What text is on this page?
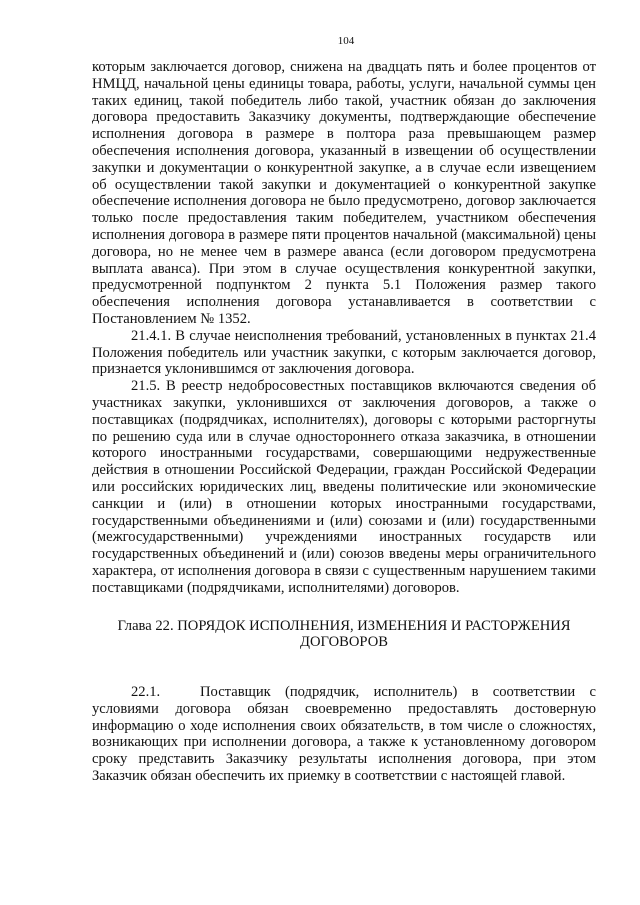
104

которым заключается договор, снижена на двадцать пять и более процентов от НМЦД, начальной цены единицы товара, работы, услуги, начальной суммы цен таких единиц, такой победитель либо такой, участник обязан до заключения договора предоставить Заказчику документы, подтверждающие обеспечение исполнения договора в размере в полтора раза превышающем размер обеспечения исполнения договора, указанный в извещении об осуществлении закупки и документации о конкурентной закупке, а в случае если извещением об осуществлении такой закупки и документацией о конкурентной закупке обеспечение исполнения договора не было предусмотрено, договор заключается только после предоставления таким победителем, участником обеспечения исполнения договора в размере пяти процентов начальной (максимальной) цены договора, но не менее чем в размере аванса (если договором предусмотрена выплата аванса). При этом в случае осуществления конкурентной закупки, предусмотренной подпунктом 2 пункта 5.1 Положения размер такого обеспечения исполнения договора устанавливается в соответствии с Постановлением № 1352.

21.4.1. В случае неисполнения требований, установленных в пунктах 21.4 Положения победитель или участник закупки, с которым заключается договор, признается уклонившимся от заключения договора.

21.5. В реестр недобросовестных поставщиков включаются сведения об участниках закупки, уклонившихся от заключения договоров, а также о поставщиках (подрядчиках, исполнителях), договоры с которыми расторгнуты по решению суда или в случае одностороннего отказа заказчика, в отношении которого иностранными государствами, совершающими недружественные действия в отношении Российской Федерации, граждан Российской Федерации или российских юридических лиц, введены политические или экономические санкции и (или) в отношении которых иностранными государствами, государственными объединениями и (или) союзами и (или) государственными (межгосударственными) учреждениями иностранных государств или государственных объединений и (или) союзов введены меры ограничительного характера, от исполнения договора в связи с существенным нарушением такими поставщиками (подрядчиками, исполнителями) договоров.

Глава 22. ПОРЯДОК ИСПОЛНЕНИЯ, ИЗМЕНЕНИЯ И РАСТОРЖЕНИЯ
ДОГОВОРОВ

22.1.	Поставщик (подрядчик, исполнитель) в соответствии с условиями договора обязан своевременно предоставлять достоверную информацию о ходе исполнения своих обязательств, в том числе о сложностях, возникающих при исполнении договора, а также к установленному договором сроку представить Заказчику результаты исполнения договора, при этом Заказчик обязан обеспечить их приемку в соответствии с настоящей главой.
